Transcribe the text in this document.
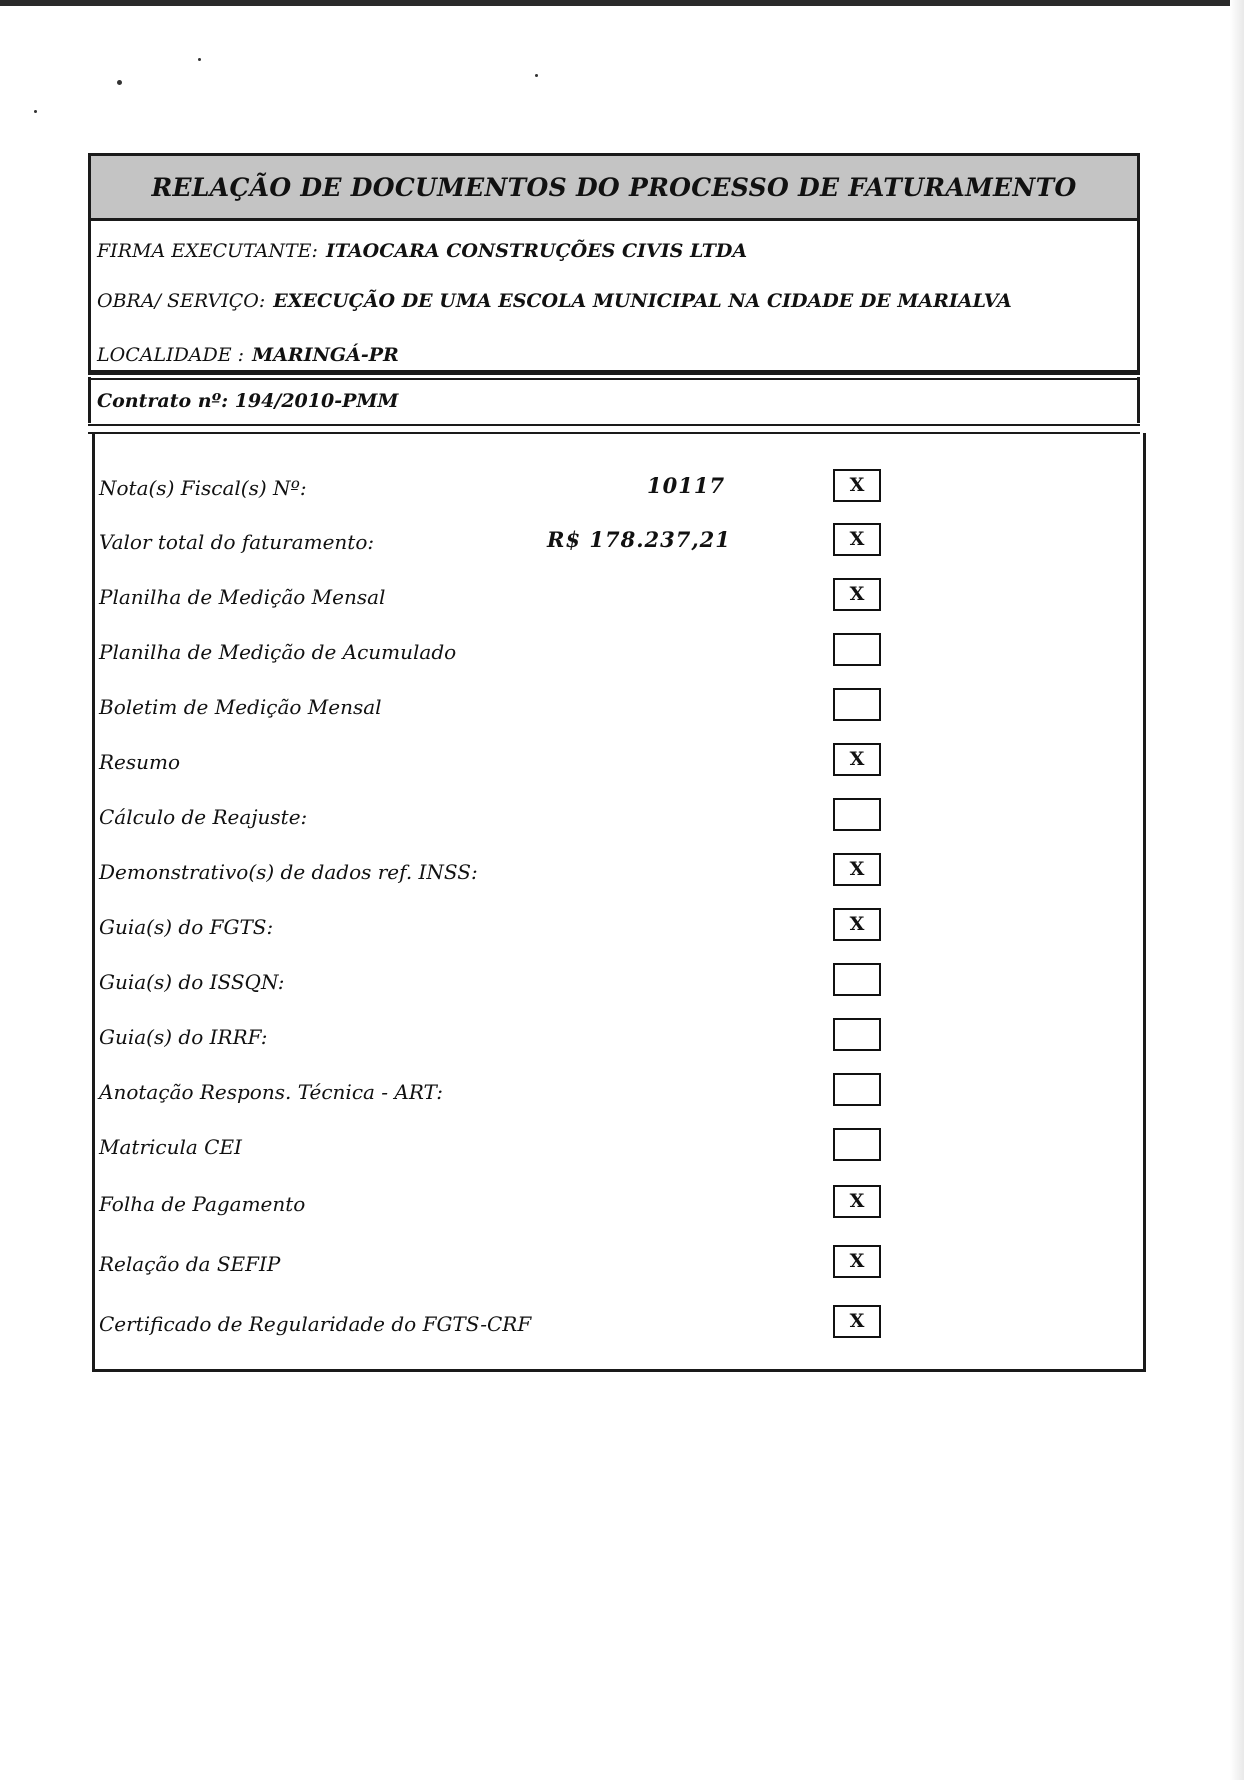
RELAÇÃO DE DOCUMENTOS DO PROCESSO DE FATURAMENTO
FIRMA EXECUTANTE: ITAOCARA CONSTRUÇÕES CIVIS LTDA
OBRA/ SERVIÇO: EXECUÇÃO DE UMA ESCOLA MUNICIPAL NA CIDADE DE MARIALVA
LOCALIDADE : MARINGÁ-PR
Contrato nº: 194/2010-PMM
Nota(s) Fiscal(s) Nº:	10117	X
Valor total do faturamento:	R$ 178.237,21	X
Planilha de Medição Mensal	X
Planilha de Medição de Acumulado
Boletim de Medição Mensal
Resumo	X
Cálculo de Reajuste:
Demonstrativo(s) de dados ref. INSS:	X
Guia(s) do FGTS:	X
Guia(s) do ISSQN:
Guia(s) do IRRF:
Anotação Respons. Técnica - ART:
Matricula CEI
Folha de Pagamento	X
Relação da SEFIP	X
Certificado de Regularidade do FGTS-CRF	X
